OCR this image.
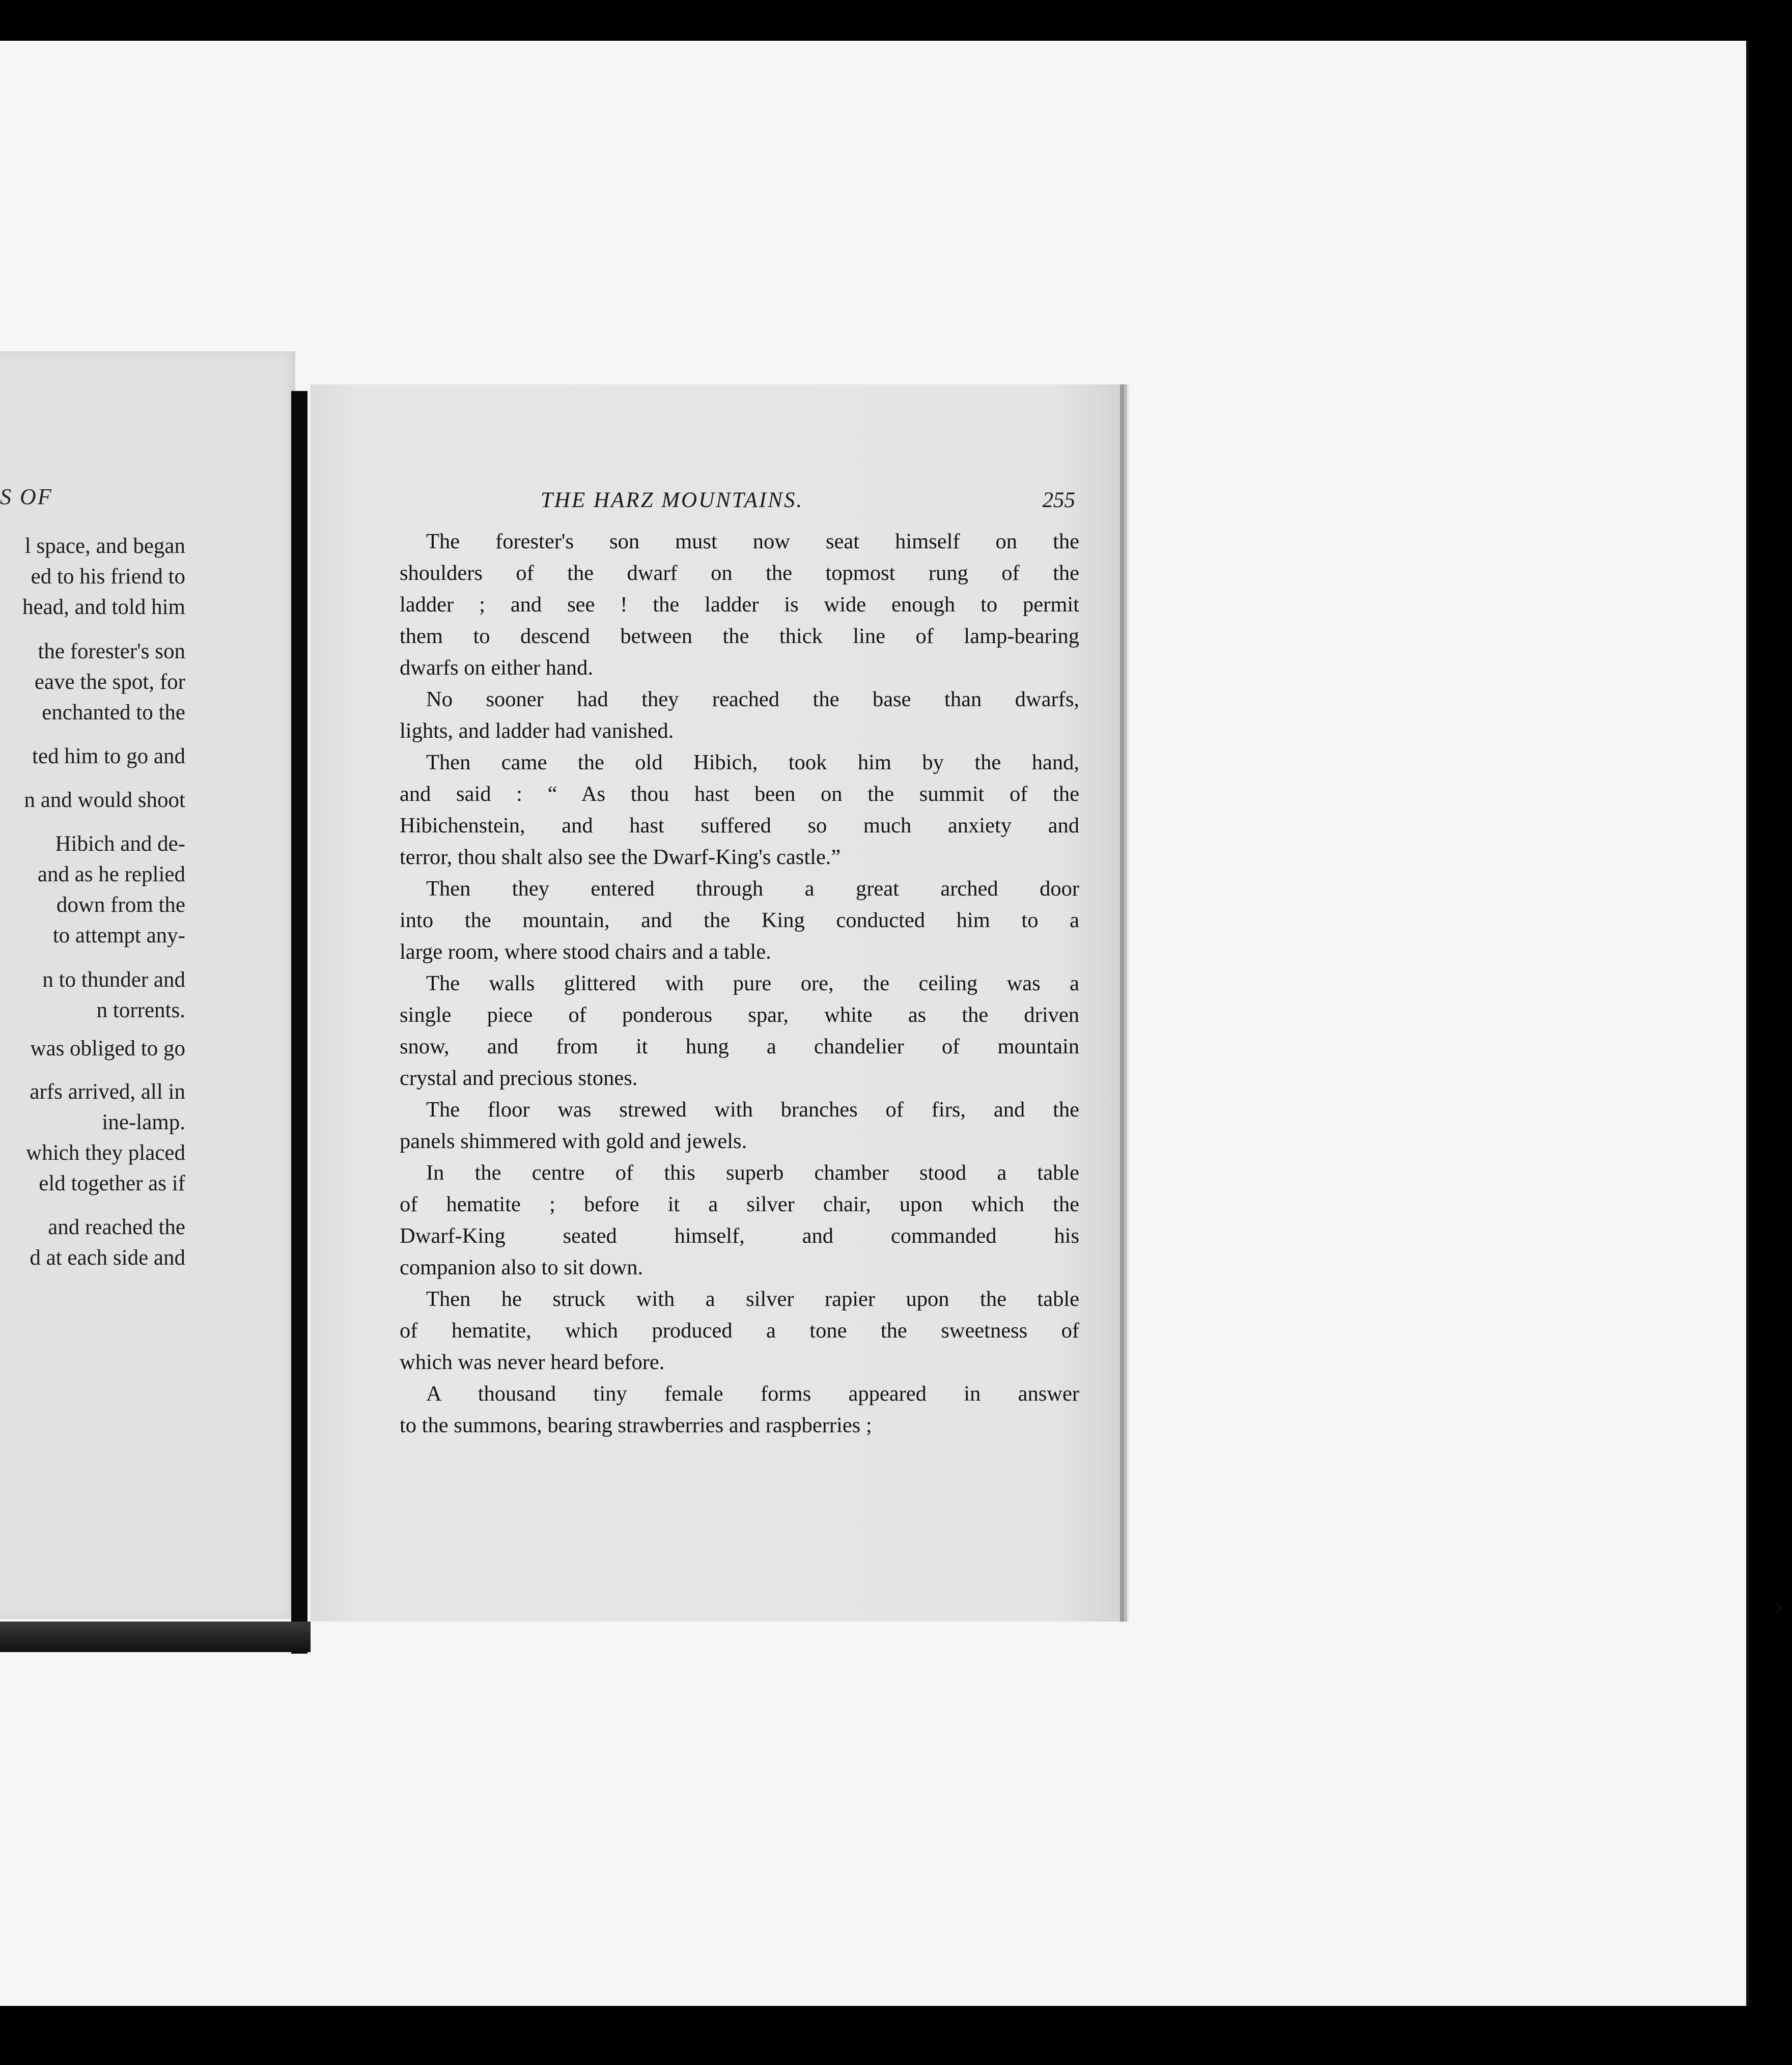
S OF
l space, and began
ed to his friend to
head, and told him
the forester's son
eave the spot, for
enchanted to the
ted him to go and
n and would shoot
Hibich and de-
and as he replied
down from the
to attempt any-
n to thunder and
n torrents.
was obliged to go
arfs arrived, all in
ine-lamp.
which they placed
eld together as if
and reached the
d at each side and
THE HARZ MOUNTAINS.	255
The forester's son must now seat himself on the
shoulders of the dwarf on the topmost rung of the
ladder ; and see ! the ladder is wide enough to permit
them to descend between the thick line of lamp-bearing
dwarfs on either hand.
No sooner had they reached the base than dwarfs,
lights, and ladder had vanished.
Then came the old Hibich, took him by the hand,
and said : “ As thou hast been on the summit of the
Hibichenstein, and hast suffered so much anxiety and
terror, thou shalt also see the Dwarf-King's castle.”
Then they entered through a great arched door
into the mountain, and the King conducted him to a
large room, where stood chairs and a table.
The walls glittered with pure ore, the ceiling was a
single piece of ponderous spar, white as the driven
snow, and from it hung a chandelier of mountain
crystal and precious stones.
The floor was strewed with branches of firs, and the
panels shimmered with gold and jewels.
In the centre of this superb chamber stood a table
of hematite ; before it a silver chair, upon which the
Dwarf-King seated himself, and commanded his
companion also to sit down.
Then he struck with a silver rapier upon the table
of hematite, which produced a tone the sweetness of
which was never heard before.
A thousand tiny female forms appeared in answer
to the summons, bearing strawberries and raspberries ;
›
